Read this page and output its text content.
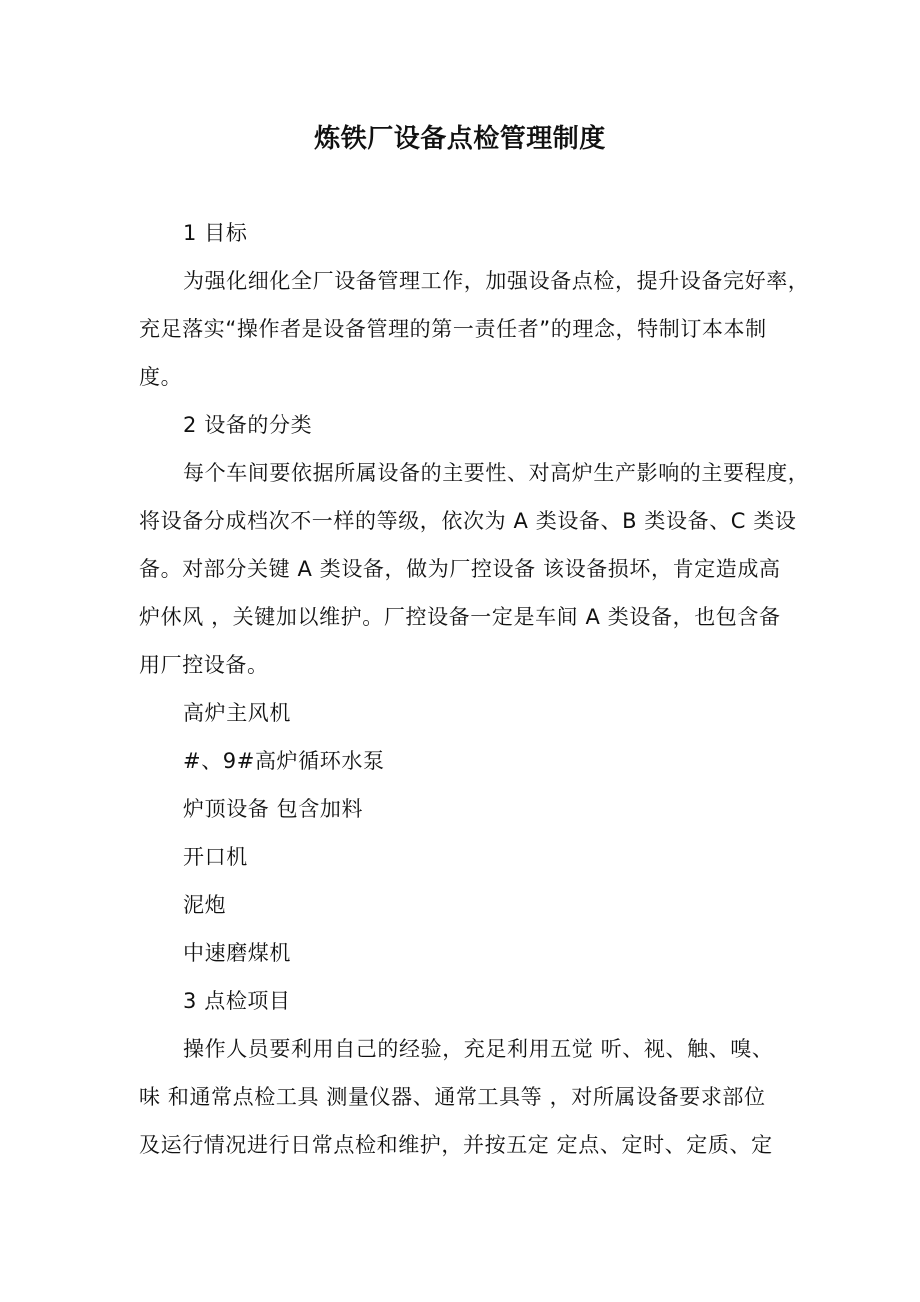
炼铁厂设备点检管理制度
1 目标
为强化细化全厂设备管理工作，加强设备点检，提升设备完好率，
充足落实“操作者是设备管理的第一责任者”的理念，特制订本本制
度。
2 设备的分类
每个车间要依据所属设备的主要性、对高炉生产影响的主要程度，
将设备分成档次不一样的等级，依次为 A 类设备、B 类设备、C 类设
备。对部分关键 A 类设备，做为厂控设备 该设备损坏，肯定造成高
炉休风 ，关键加以维护。厂控设备一定是车间 A 类设备，也包含备
用厂控设备。
高炉主风机
#、9#高炉循环水泵
炉顶设备 包含加料
开口机
泥炮
中速磨煤机
3 点检项目
操作人员要利用自己的经验，充足利用五觉 听、视、触、嗅、
味 和通常点检工具 测量仪器、通常工具等 ，对所属设备要求部位
及运行情况进行日常点检和维护，并按五定 定点、定时、定质、定
